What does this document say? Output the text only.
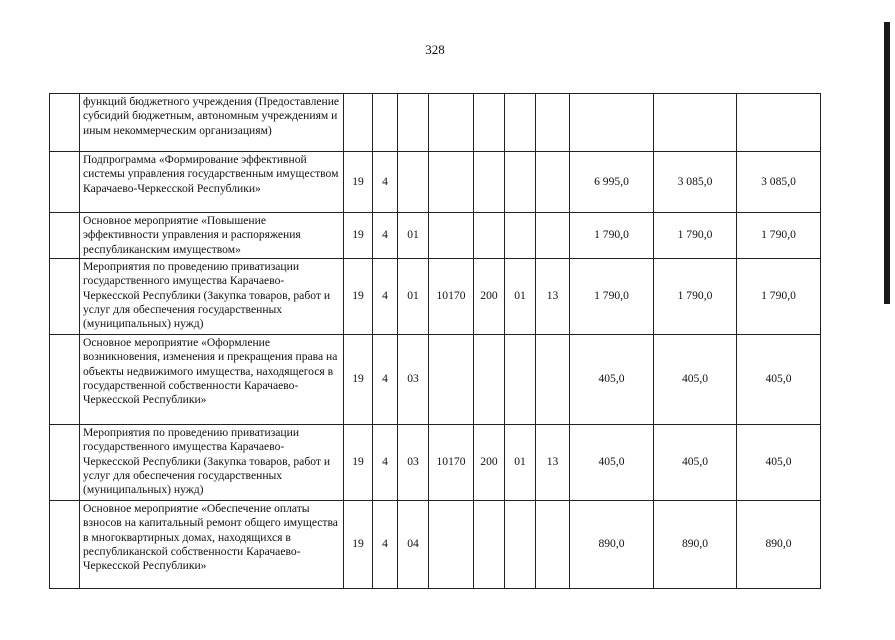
328
	функций бюджетного учреждения (Предоставление субсидий бюджетным, автономным учреждениям и иным некоммерческим организациям)										
	Подпрограмма «Формирование эффективной системы управления государственным имуществом Карачаево-Черкесской Республики»	19	4						6 995,0	3 085,0	3 085,0
	Основное мероприятие «Повышение эффективности управления и распоряжения республиканским имуществом»	19	4	01					1 790,0	1 790,0	1 790,0
	Мероприятия по проведению приватизации государственного имущества Карачаево-Черкесской Республики (Закупка товаров, работ и услуг для обеспечения государственных (муниципальных) нужд)	19	4	01	10170	200	01	13	1 790,0	1 790,0	1 790,0
	Основное мероприятие «Оформление возникновения, изменения и прекращения права на объекты недвижимого имущества, находящегося в государственной собственности Карачаево-Черкесской Республики»	19	4	03					405,0	405,0	405,0
	Мероприятия по проведению приватизации государственного имущества Карачаево-Черкесской Республики (Закупка товаров, работ и услуг для обеспечения государственных (муниципальных) нужд)	19	4	03	10170	200	01	13	405,0	405,0	405,0
	Основное мероприятие «Обеспечение оплаты взносов на капитальный ремонт общего имущества в многоквартирных домах, находящихся в республиканской собственности Карачаево-Черкесской Республики»	19	4	04					890,0	890,0	890,0
